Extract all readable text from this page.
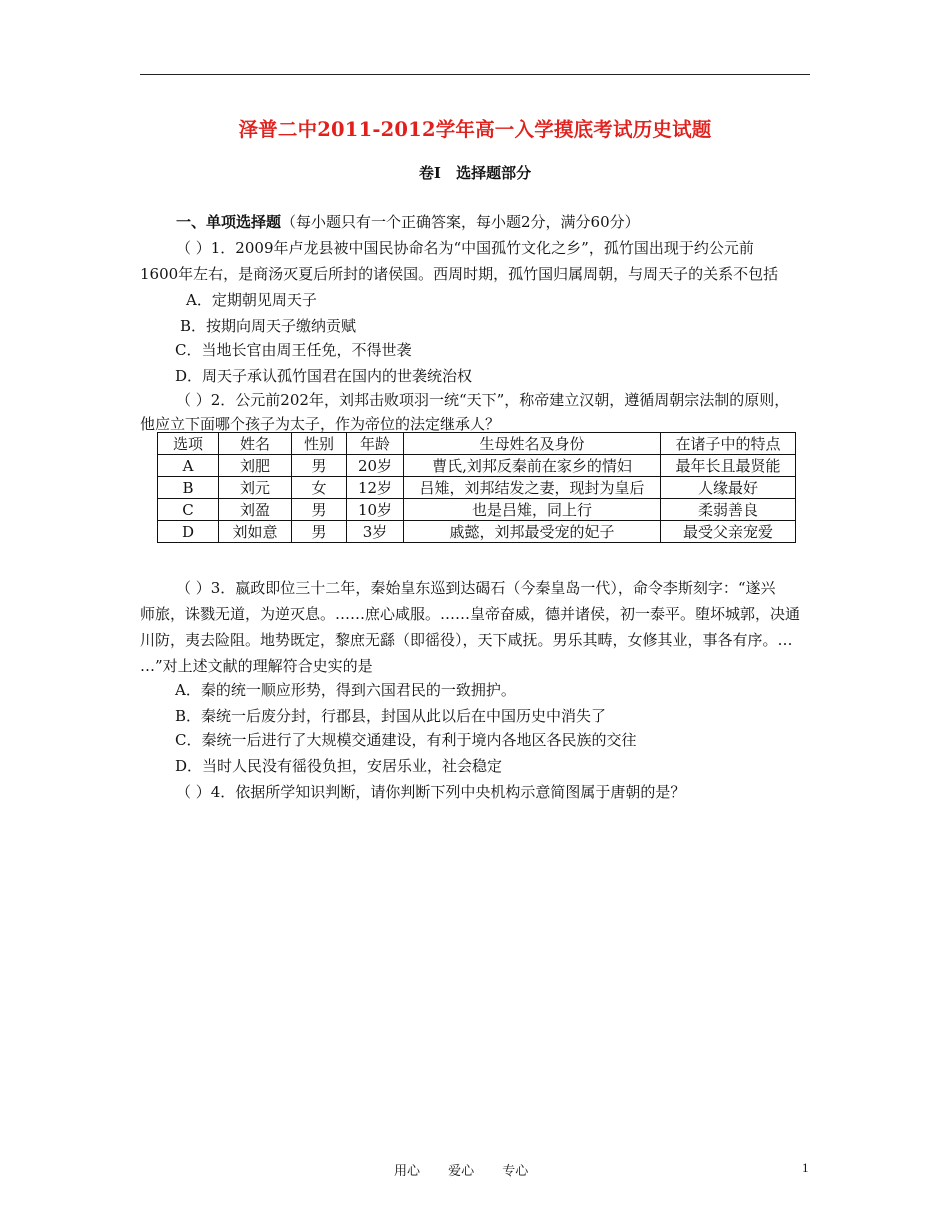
泽普二中2011-2012学年高一入学摸底考试历史试题
卷Ⅰ 选择题部分
一、单项选择题（每小题只有一个正确答案，每小题2分，满分60分）
（ ）1．2009年卢龙县被中国民协命名为“中国孤竹文化之乡”，孤竹国出现于约公元前
1600年左右，是商汤灭夏后所封的诸侯国。西周时期，孤竹国归属周朝，与周天子的关系不包括
A．定期朝见周天子
B．按期向周天子缴纳贡赋
C．当地长官由周王任免，不得世袭
D．周天子承认孤竹国君在国内的世袭统治权
（ ）2．公元前202年，刘邦击败项羽一统“天下”，称帝建立汉朝，遵循周朝宗法制的原则，
他应立下面哪个孩子为太子，作为帝位的法定继承人？
选项	姓名	性别	年龄	生母姓名及身份	在诸子中的特点
A	刘肥	男	20岁	曹氏,刘邦反秦前在家乡的情妇	最年长且最贤能
B	刘元	女	12岁	吕雉，刘邦结发之妻，现封为皇后	人缘最好
C	刘盈	男	10岁	也是吕雉，同上行	柔弱善良
D	刘如意	男	3岁	戚懿，刘邦最受宠的妃子	最受父亲宠爱
（ ）3．嬴政即位三十二年，秦始皇东巡到达碣石（今秦皇岛一代），命令李斯刻字：“遂兴
师旅，诛戮无道，为逆灭息。……庶心咸服。……皇帝奋威，德并诸侯，初一泰平。堕坏城郭，决通
川防，夷去险阻。地势既定，黎庶无繇（即徭役），天下咸抚。男乐其畴，女修其业，事各有序。…
…”对上述文献的理解符合史实的是
A．秦的统一顺应形势，得到六国君民的一致拥护。
B．秦统一后废分封，行郡县，封国从此以后在中国历史中消失了
C．秦统一后进行了大规模交通建设，有利于境内各地区各民族的交往
D．当时人民没有徭役负担，安居乐业，社会稳定
（ ）4．依据所学知识判断，请你判断下列中央机构示意简图属于唐朝的是？
用心 爱心 专心	1
